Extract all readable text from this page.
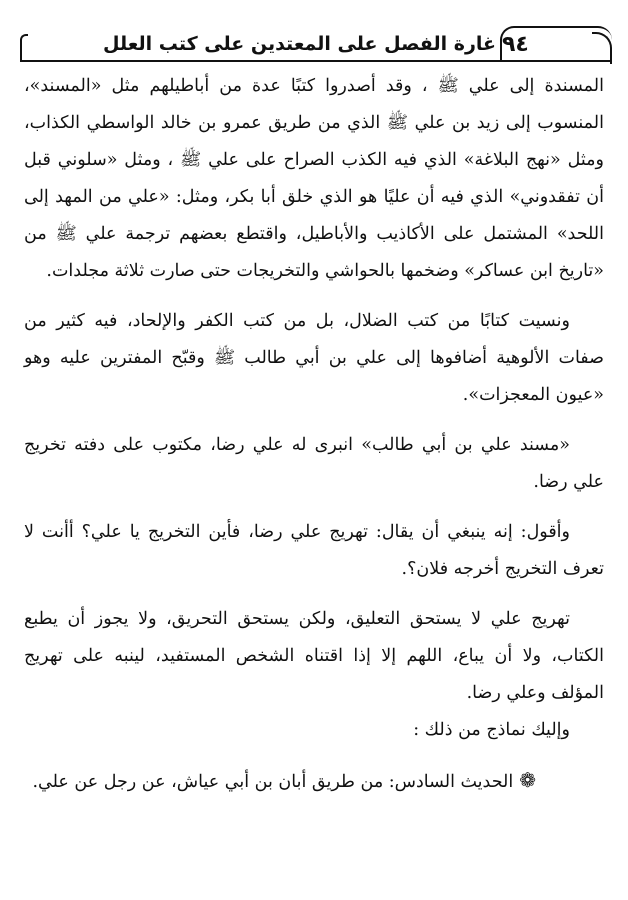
٩٤
غارة الفصل على المعتدين على كتب العلل

المسندة إلى علي ﷺ ، وقد أصدروا كتبًا عدة من أباطيلهم مثل «المسند»، المنسوب إلى زيد بن علي ﷺ الذي من طريق عمرو بن خالد الواسطي الكذاب، ومثل «نهج البلاغة» الذي فيه الكذب الصراح على علي ﷺ ، ومثل «سلوني قبل أن تفقدوني» الذي فيه أن عليًا هو الذي خلق أبا بكر، ومثل: «علي من المهد إلى اللحد» المشتمل على الأكاذيب والأباطيل، واقتطع بعضهم ترجمة علي ﷺ من «تاريخ ابن عساكر» وضخمها بالحواشي والتخريجات حتى صارت ثلاثة مجلدات.

ونسيت كتابًا من كتب الضلال، بل من كتب الكفر والإلحاد، فيه كثير من صفات الألوهية أضافوها إلى علي بن أبي طالب ﷺ وقبّح المفترين عليه وهو «عيون المعجزات».

«مسند علي بن أبي طالب» انبرى له علي رضا، مكتوب على دفته تخريج علي رضا.

وأقول: إنه ينبغي أن يقال: تهريج علي رضا، فأين التخريج يا علي؟ أأنت لا تعرف التخريج أخرجه فلان؟.

تهريج علي لا يستحق التعليق، ولكن يستحق التحريق، ولا يجوز أن يطبع الكتاب، ولا أن يباع، اللهم إلا إذا اقتناه الشخص المستفيد، لينبه على تهريج المؤلف وعلي رضا.

وإليك نماذج من ذلك :

❁الحديث السادس: من طريق أبان بن أبي عياش، عن رجل عن علي.
